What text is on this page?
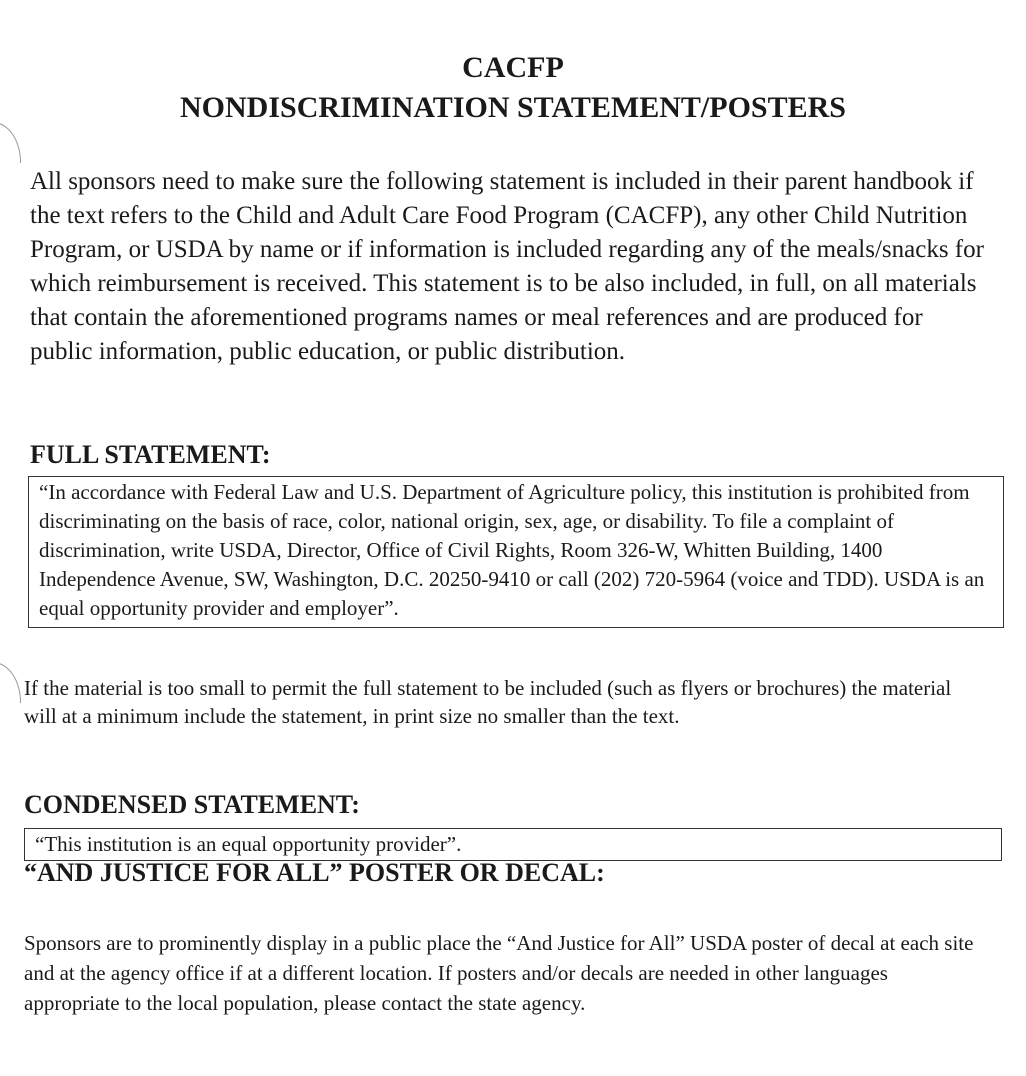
CACFP
NONDISCRIMINATION STATEMENT/POSTERS

All sponsors need to make sure the following statement is included in their parent handbook if the text refers to the Child and Adult Care Food Program (CACFP), any other Child Nutrition Program, or USDA by name or if information is included regarding any of the meals/snacks for which reimbursement is received. This statement is to be also included, in full, on all materials that contain the aforementioned programs names or meal references and are produced for public information, public education, or public distribution.

FULL STATEMENT:
“In accordance with Federal Law and U.S. Department of Agriculture policy, this institution is prohibited from discriminating on the basis of race, color, national origin, sex, age, or disability. To file a complaint of discrimination, write USDA, Director, Office of Civil Rights, Room 326-W, Whitten Building, 1400 Independence Avenue, SW, Washington, D.C. 20250-9410 or call (202) 720-5964 (voice and TDD). USDA is an equal opportunity provider and employer”.

If the material is too small to permit the full statement to be included (such as flyers or brochures) the material will at a minimum include the statement, in print size no smaller than the text.

CONDENSED STATEMENT:
“This institution is an equal opportunity provider”.
“AND JUSTICE FOR ALL” POSTER OR DECAL:

Sponsors are to prominently display in a public place the “And Justice for All” USDA poster of decal at each site and at the agency office if at a different location. If posters and/or decals are needed in other languages appropriate to the local population, please contact the state agency.
